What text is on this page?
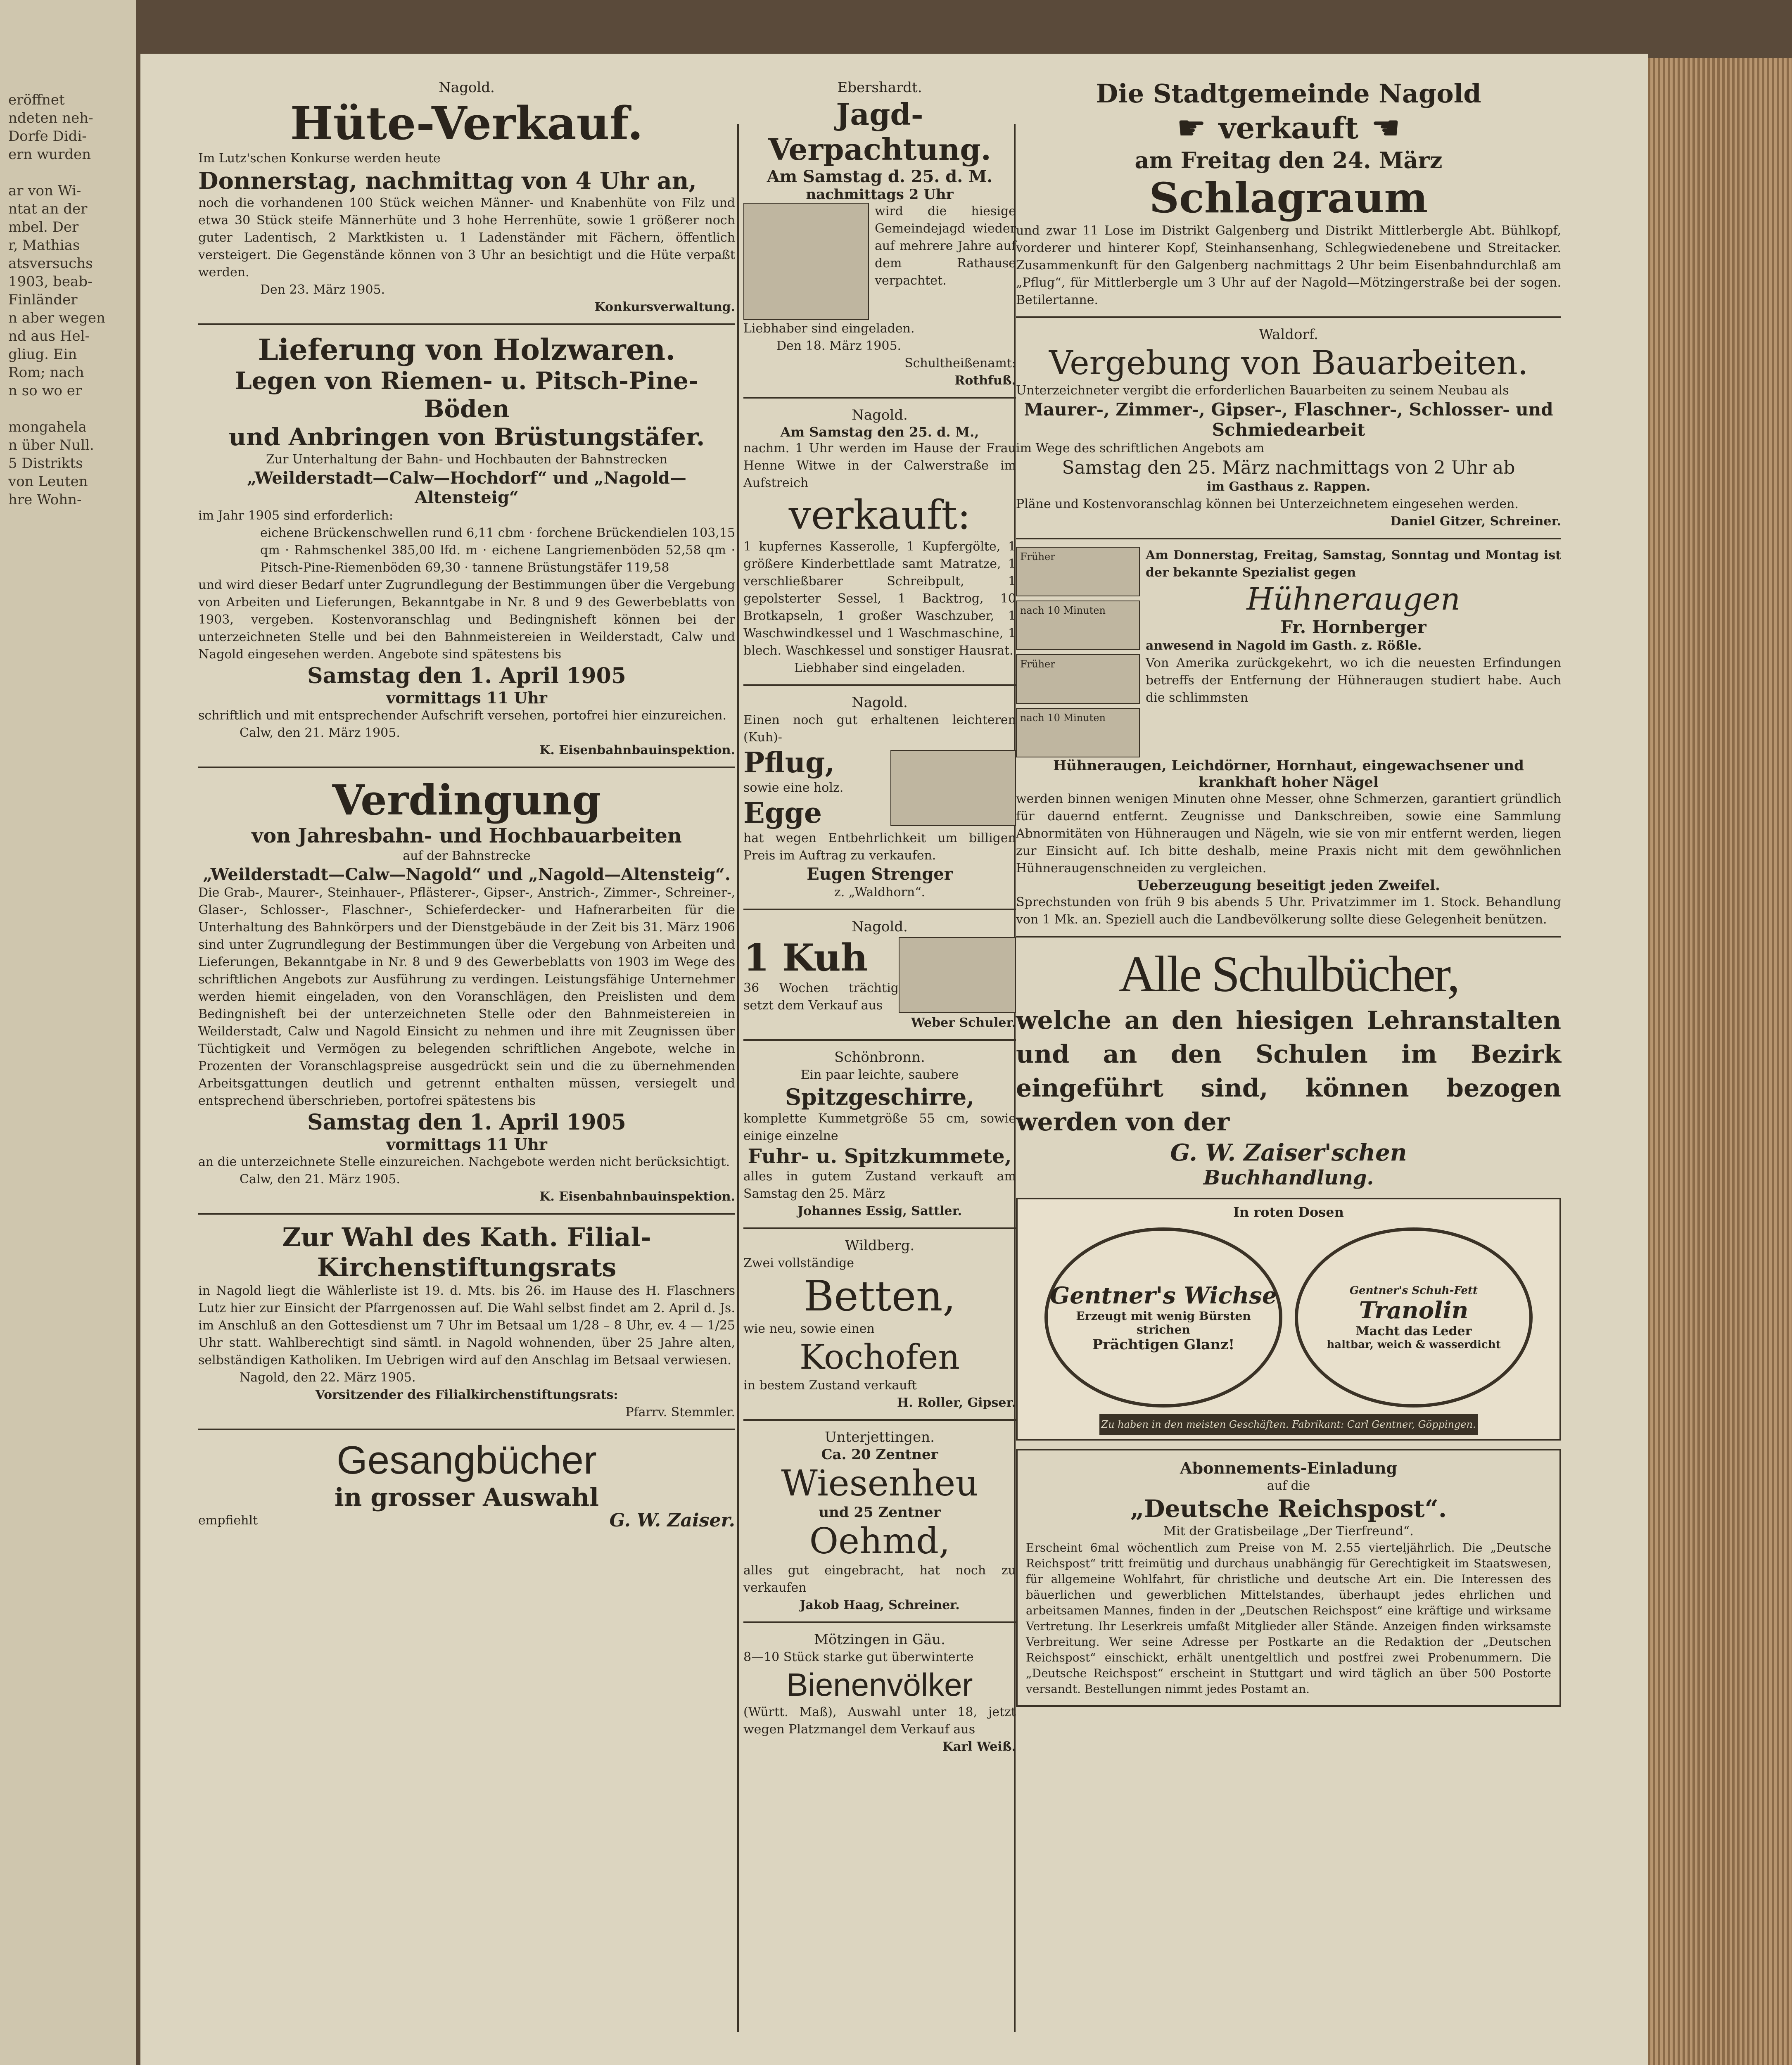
eröffnet
ndeten neh-
Dorfe Didi-
ern wurden

ar von Wi-
ntat an der
mbel. Der
r, Mathias
atsversuchs
1903, beab-
Finländer
n aber wegen
nd aus Hel-
gliug. Ein
Rom; nach
n so wo er

mongahela
n über Null.
5 Distrikts
von Leuten
hre Wohn-
Nagold.
Hüte-Verkauf.
Im Lutz'schen Konkurse werden heute
Donnerstag, nachmittag von 4 Uhr an,
noch die vorhandenen 100 Stück weichen Männer- und Knabenhüte von Filz und etwa 30 Stück steife Männerhüte und 3 hohe Herrenhüte, sowie 1 größerer noch guter Ladentisch, 2 Marktkisten u. 1 Ladenständer mit Fächern, öffentlich versteigert. Die Gegenstände können von 3 Uhr an besichtigt und die Hüte verpaßt werden.
Den 23. März 1905.
Konkursverwaltung.
Lieferung von Holzwaren.
Legen von Riemen- u. Pitsch-Pine-Böden
und Anbringen von Brüstungstäfer.
Zur Unterhaltung der Bahn- und Hochbauten der Bahnstrecken
„Weilderstadt—Calw—Hochdorf“ und „Nagold—Altensteig“
im Jahr 1905 sind erforderlich:
eichene Brückenschwellen rund 6,11 cbm · forchene Brückendielen 103,15 qm · Rahmschenkel 385,00 lfd. m · eichene Langriemenböden 52,58 qm · Pitsch-Pine-Riemenböden 69,30 · tannene Brüstungstäfer 119,58
und wird dieser Bedarf unter Zugrundlegung der Bestimmungen über die Vergebung von Arbeiten und Lieferungen, Bekanntgabe in Nr. 8 und 9 des Gewerbeblatts von 1903, vergeben. Kostenvoranschlag und Bedingnisheft können bei der unterzeichneten Stelle und bei den Bahnmeistereien in Weilderstadt, Calw und Nagold eingesehen werden. Angebote sind spätestens bis
Samstag den 1. April 1905
vormittags 11 Uhr
schriftlich und mit entsprechender Aufschrift versehen, portofrei hier einzureichen.
Calw, den 21. März 1905.
K. Eisenbahnbauinspektion.
Verdingung
von Jahresbahn- und Hochbauarbeiten
auf der Bahnstrecke
„Weilderstadt—Calw—Nagold“ und „Nagold—Altensteig“.
Die Grab-, Maurer-, Steinhauer-, Pflästerer-, Gipser-, Anstrich-, Zimmer-, Schreiner-, Glaser-, Schlosser-, Flaschner-, Schieferdecker- und Hafnerarbeiten für die Unterhaltung des Bahnkörpers und der Dienstgebäude in der Zeit bis 31. März 1906 sind unter Zugrundlegung der Bestimmungen über die Vergebung von Arbeiten und Lieferungen, Bekanntgabe in Nr. 8 und 9 des Gewerbeblatts von 1903 im Wege des schriftlichen Angebots zur Ausführung zu verdingen. Leistungsfähige Unternehmer werden hiemit eingeladen, von den Voranschlägen, den Preislisten und dem Bedingnisheft bei der unterzeichneten Stelle oder den Bahnmeistereien in Weilderstadt, Calw und Nagold Einsicht zu nehmen und ihre mit Zeugnissen über Tüchtigkeit und Vermögen zu belegenden schriftlichen Angebote, welche in Prozenten der Voranschlagspreise ausgedrückt sein und die zu übernehmenden Arbeitsgattungen deutlich und getrennt enthalten müssen, versiegelt und entsprechend überschrieben, portofrei spätestens bis
Samstag den 1. April 1905
vormittags 11 Uhr
an die unterzeichnete Stelle einzureichen. Nachgebote werden nicht berücksichtigt.
Calw, den 21. März 1905.
K. Eisenbahnbauinspektion.
Zur Wahl des Kath. Filial-
Kirchenstiftungsrats
in Nagold liegt die Wählerliste ist 19. d. Mts. bis 26. im Hause des H. Flaschners Lutz hier zur Einsicht der Pfarrgenossen auf. Die Wahl selbst findet am 2. April d. Js. im Anschluß an den Gottesdienst um 7 Uhr im Betsaal um 1/28 – 8 Uhr, ev. 4 — 1/25 Uhr statt. Wahlberechtigt sind sämtl. in Nagold wohnenden, über 25 Jahre alten, selbständigen Katholiken. Im Uebrigen wird auf den Anschlag im Betsaal verwiesen.
Nagold, den 22. März 1905.
Vorsitzender des Filialkirchenstiftungsrats:
Pfarrv. Stemmler.
Gesangbücher
in grosser Auswahl
empfiehlt	G. W. Zaiser.
Ebershardt.
Jagd-
Verpachtung.
Am Samstag d. 25. d. M.
nachmittags 2 Uhr
wird die hiesige Gemeindejagd wieder auf mehrere Jahre auf dem Rathause verpachtet.
Liebhaber sind eingeladen.
Den 18. März 1905.
Schultheißenamt:
Rothfuß.
Nagold.
Am Samstag den 25. d. M.,
nachm. 1 Uhr werden im Hause der Frau Henne Witwe in der Calwerstraße im Aufstreich
verkauft:
1 kupfernes Kasserolle, 1 Kupfergölte, 1 größere Kinderbettlade samt Matratze, 1 verschließbarer Schreibpult, 1 gepolsterter Sessel, 1 Backtrog, 10 Brotkapseln, 1 großer Waschzuber, 1 Waschwindkessel und 1 Waschmaschine, 1 blech. Waschkessel und sonstiger Hausrat.
Liebhaber sind eingeladen.
Nagold.
Einen noch gut erhaltenen leichteren (Kuh)-
Pflug,
sowie eine holz.
Egge
hat wegen Entbehrlichkeit um billigen Preis im Auftrag zu verkaufen.
Eugen Strenger
z. „Waldhorn“.
Nagold.
1 Kuh
36 Wochen trächtig setzt dem Verkauf aus
Weber Schuler.
Schönbronn.
Ein paar leichte, saubere
Spitzgeschirre,
komplette Kummetgröße 55 cm, sowie einige einzelne
Fuhr- u. Spitzkummete,
alles in gutem Zustand verkauft am Samstag den 25. März
Johannes Essig, Sattler.
Wildberg.
Zwei vollständige
Betten,
wie neu, sowie einen
Kochofen
in bestem Zustand verkauft
H. Roller, Gipser.
Unterjettingen.
Ca. 20 Zentner
Wiesenheu
und 25 Zentner
Oehmd,
alles gut eingebracht, hat noch zu verkaufen
Jakob Haag, Schreiner.
Mötzingen in Gäu.
8—10 Stück starke gut überwinterte
Bienenvölker
(Württ. Maß), Auswahl unter 18, jetzt wegen Platzmangel dem Verkauf aus
Karl Weiß.
Die Stadtgemeinde Nagold
☛ verkauft ☚
am Freitag den 24. März
Schlagraum
und zwar 11 Lose im Distrikt Galgenberg und Distrikt Mittlerbergle Abt. Bühlkopf, vorderer und hinterer Kopf, Steinhansenhang, Schlegwiedenebene und Streitacker. Zusammenkunft für den Galgenberg nachmittags 2 Uhr beim Eisenbahndurchlaß am „Pflug“, für Mittlerbergle um 3 Uhr auf der Nagold—Mötzingerstraße bei der sogen. Betilertanne.
Waldorf.
Vergebung von Bauarbeiten.
Unterzeichneter vergibt die erforderlichen Bauarbeiten zu seinem Neubau als
Maurer-, Zimmer-, Gipser-, Flaschner-, Schlosser- und Schmiedearbeit
im Wege des schriftlichen Angebots am
Samstag den 25. März nachmittags von 2 Uhr ab
im Gasthaus z. Rappen.
Pläne und Kostenvoranschlag können bei Unterzeichnetem eingesehen werden.
Daniel Gitzer, Schreiner.
Früher
nach 10 Minuten
Früher
nach 10 Minuten
Am Donnerstag, Freitag, Samstag, Sonntag und Montag ist der bekannte Spezialist gegen
Hühneraugen
Fr. Hornberger
anwesend in Nagold im Gasth. z. Rößle.
Von Amerika zurückgekehrt, wo ich die neuesten Erfindungen betreffs der Entfernung der Hühneraugen studiert habe. Auch die schlimmsten
Hühneraugen, Leichdörner, Hornhaut, eingewachsener und krankhaft hoher Nägel
werden binnen wenigen Minuten ohne Messer, ohne Schmerzen, garantiert gründlich für dauernd entfernt. Zeugnisse und Dankschreiben, sowie eine Sammlung Abnormitäten von Hühneraugen und Nägeln, wie sie von mir entfernt werden, liegen zur Einsicht auf. Ich bitte deshalb, meine Praxis nicht mit dem gewöhnlichen Hühneraugenschneiden zu vergleichen.
Ueberzeugung beseitigt jeden Zweifel.
Sprechstunden von früh 9 bis abends 5 Uhr. Privatzimmer im 1. Stock. Behandlung von 1 Mk. an. Speziell auch die Landbevölkerung sollte diese Gelegenheit benützen.
Alle Schulbücher,
welche an den hiesigen Lehranstalten und an den Schulen im Bezirk eingeführt sind, können bezogen werden von der
G. W. Zaiser'schen
Buchhandlung.
In roten Dosen
Gentner's Wichse
Erzeugt mit wenig Bürsten strichen
Prächtigen Glanz!
Gentner's Schuh-Fett
Tranolin
Macht das Leder
haltbar, weich & wasserdicht
Zu haben in den meisten Geschäften. Fabrikant: Carl Gentner, Göppingen.
Abonnements-Einladung
auf die
„Deutsche Reichspost“.
Mit der Gratisbeilage „Der Tierfreund“.
Erscheint 6mal wöchentlich zum Preise von M. 2.55 vierteljährlich. Die „Deutsche Reichspost“ tritt freimütig und durchaus unabhängig für Gerechtigkeit im Staatswesen, für allgemeine Wohlfahrt, für christliche und deutsche Art ein. Die Interessen des bäuerlichen und gewerblichen Mittelstandes, überhaupt jedes ehrlichen und arbeitsamen Mannes, finden in der „Deutschen Reichspost“ eine kräftige und wirksame Vertretung. Ihr Leserkreis umfaßt Mitglieder aller Stände. Anzeigen finden wirksamste Verbreitung. Wer seine Adresse per Postkarte an die Redaktion der „Deutschen Reichspost“ einschickt, erhält unentgeltlich und postfrei zwei Probenummern. Die „Deutsche Reichspost“ erscheint in Stuttgart und wird täglich an über 500 Postorte versandt. Bestellungen nimmt jedes Postamt an.
